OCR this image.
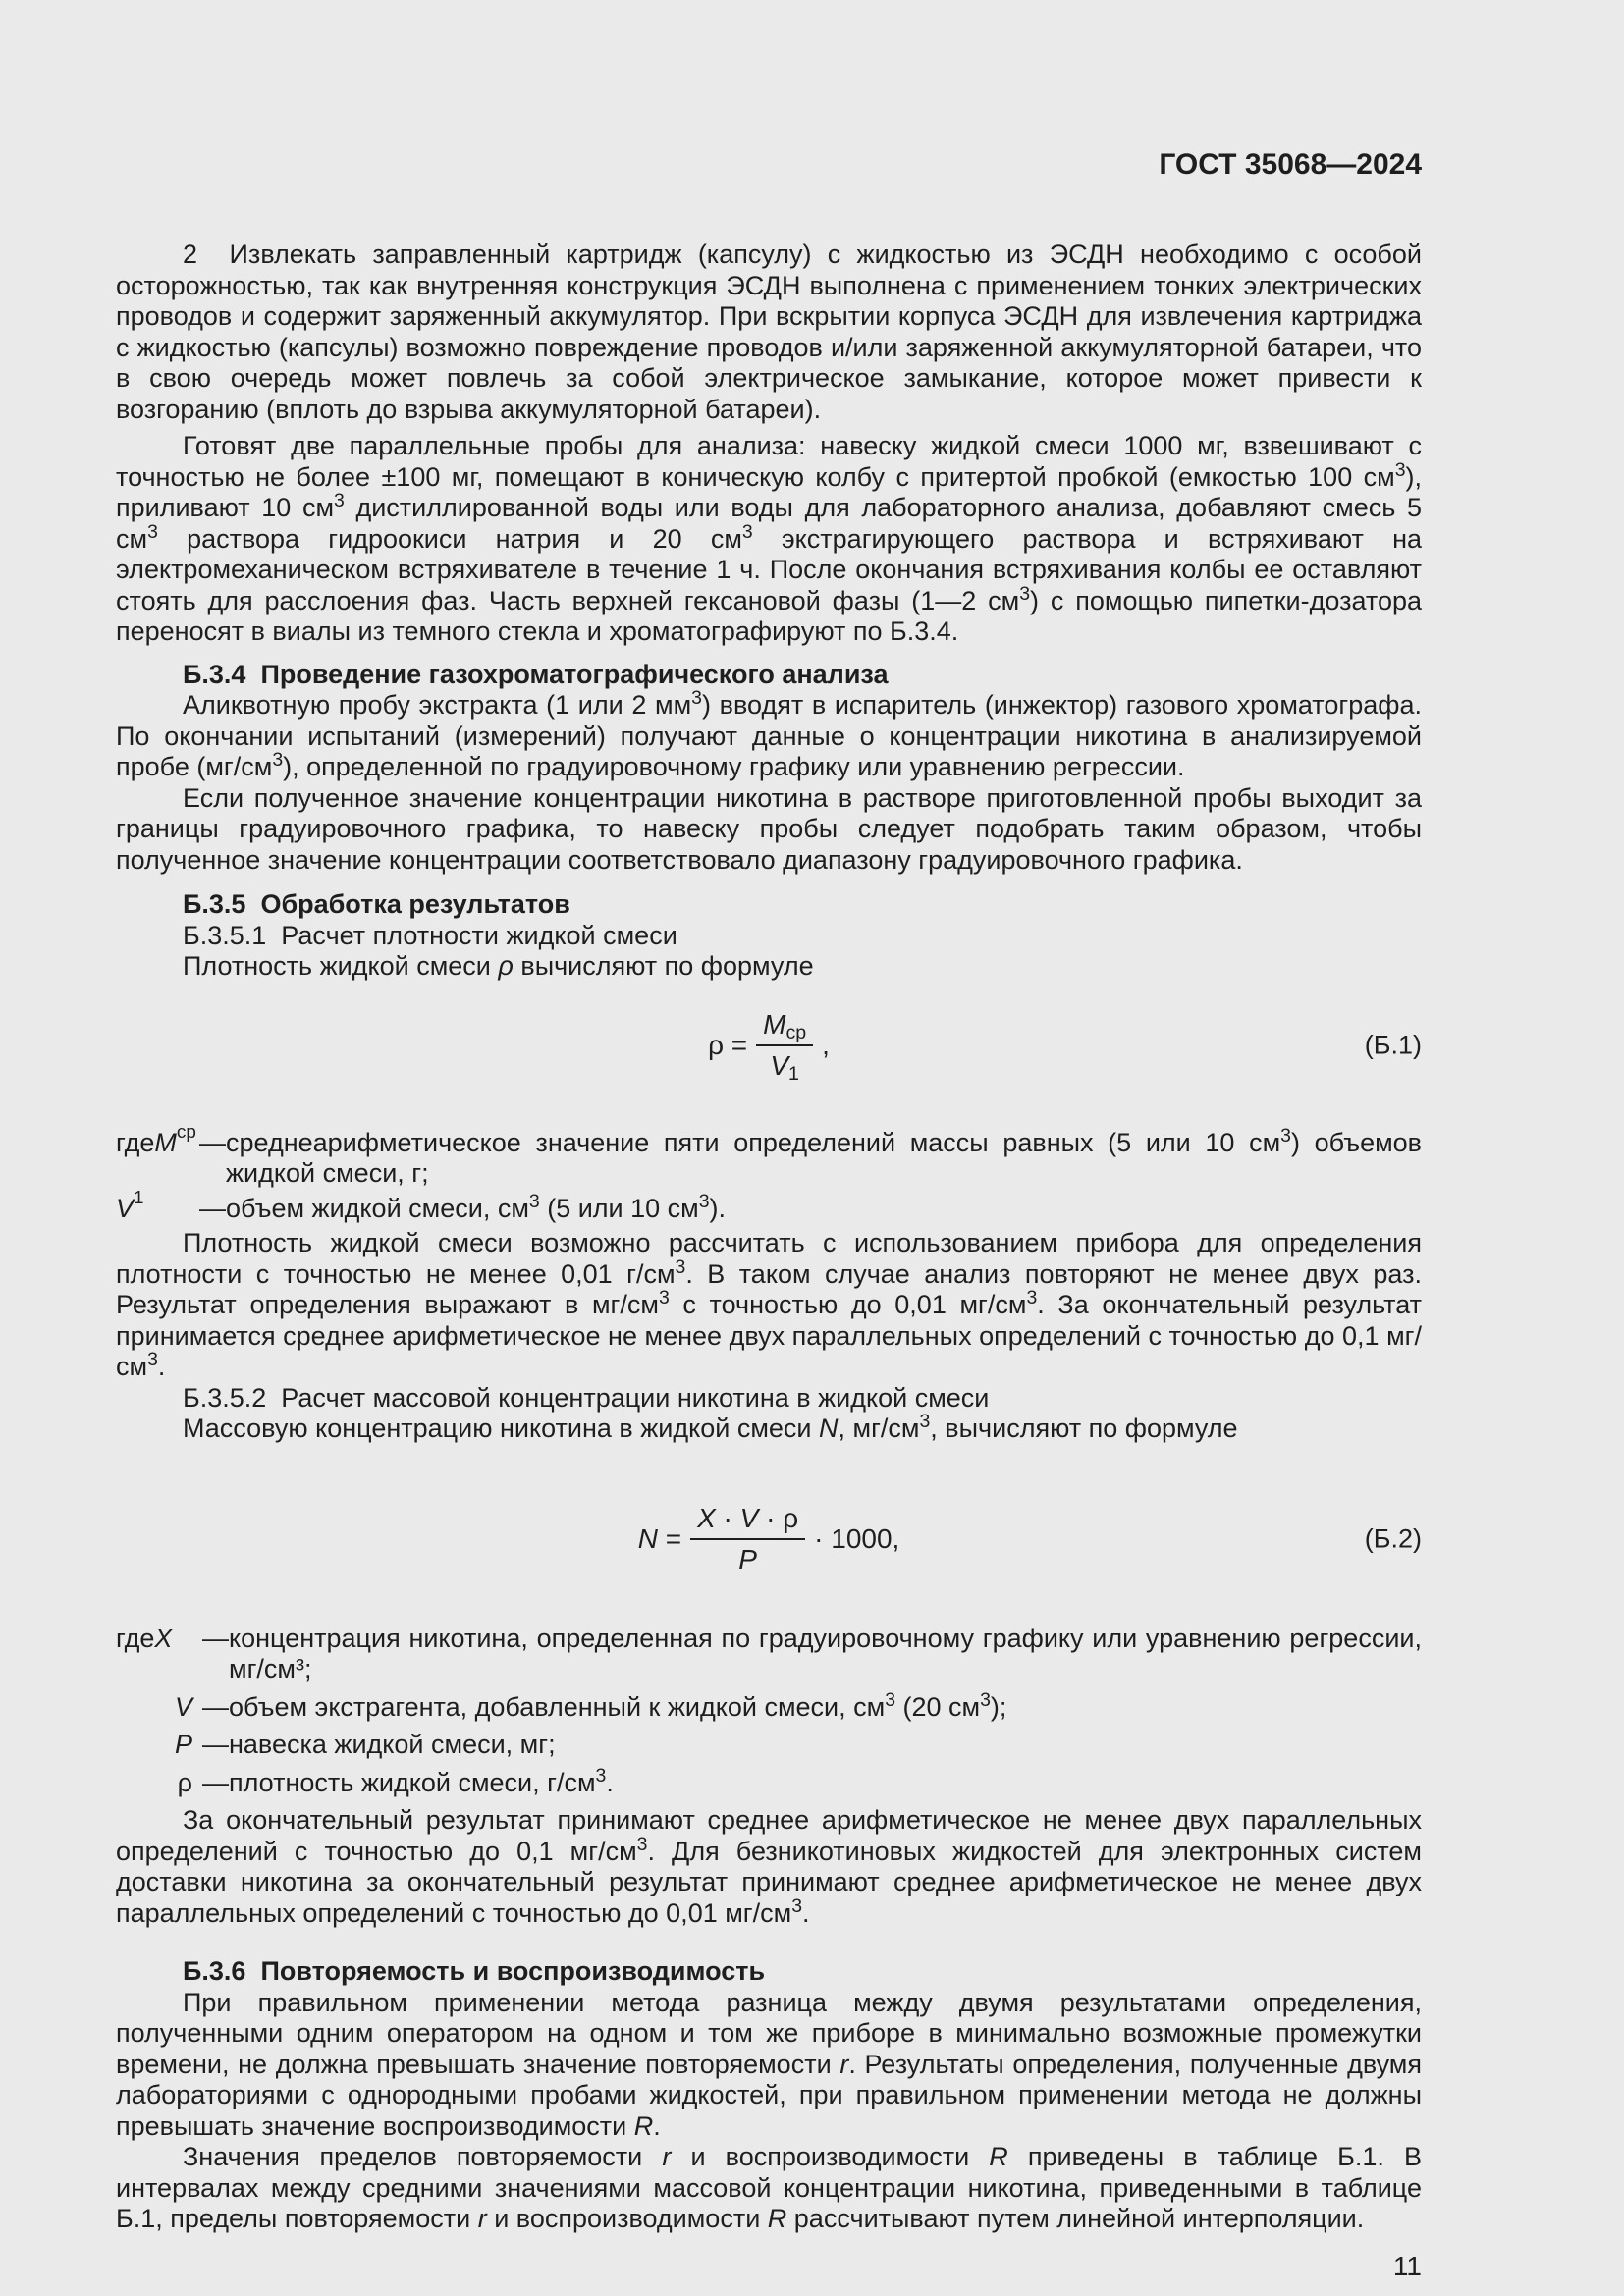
ГОСТ 35068—2024

2  Извлекать заправленный картридж (капсулу) с жидкостью из ЭСДН необходимо с особой осторожностью, так как внутренняя конструкция ЭСДН выполнена с применением тонких электрических проводов и содержит заряженный аккумулятор. При вскрытии корпуса ЭСДН для извлечения картриджа с жидкостью (капсулы) возможно повреждение проводов и/или заряженной аккумуляторной батареи, что в свою очередь может повлечь за собой электрическое замыкание, которое может привести к возгоранию (вплоть до взрыва аккумуляторной батареи).

Готовят две параллельные пробы для анализа: навеску жидкой смеси 1000 мг, взвешивают с точностью не более ±100 мг, помещают в коническую колбу с притертой пробкой (емкостью 100 $см^3$), приливают 10 $см^3$ дистиллированной воды или воды для лабораторного анализа, добавляют смесь 5 $см^3$ раствора гидроокиси натрия и 20 $см^3$ экстрагирующего раствора и встряхивают на электромеханическом встряхивателе в течение 1 ч. После окончания встряхивания колбы ее оставляют стоять для расслоения фаз. Часть верхней гексановой фазы (1—2 $см^3$) с помощью пипетки-дозатора переносят в виалы из темного стекла и хроматографируют по Б.3.4.

Б.3.4  Проведение газохроматографического анализа

Аликвотную пробу экстракта (1 или 2 $мм^3$) вводят в испаритель (инжектор) газового хроматографа. По окончании испытаний (измерений) получают данные о концентрации никотина в анализируемой пробе $(мг/см^3)$, определенной по градуировочному графику или уравнению регрессии.

Если полученное значение концентрации никотина в растворе приготовленной пробы выходит за границы градуировочного графика, то навеску пробы следует подобрать таким образом, чтобы полученное значение концентрации соответствовало диапазону градуировочного графика.

Б.3.5  Обработка результатов

Б.3.5.1  Расчет плотности жидкой смеси

Плотность жидкой смеси ρ вычисляют по формуле

$\rho = \frac{M_{ср}}{V_1}$ ,	(Б.1)
где $M_{ср}$ — среднеарифметическое значение пяти определений массы равных (5 или 10 $см^3$) объемов жидкой смеси, г;
$V_1$ — объем жидкой смеси, $см^3$ (5 или 10 $см^3$).

Плотность жидкой смеси возможно рассчитать с использованием прибора для определения плотности с точностью не менее 0,01 $г/см^3$. В таком случае анализ повторяют не менее двух раз. Результат определения выражают в $мг/см^3$ с точностью до 0,01 $мг/см^3$. За окончательный результат принимается среднее арифметическое не менее двух параллельных определений с точностью до 0,1 $мг/см^3$.

Б.3.5.2  Расчет массовой концентрации никотина в жидкой смеси

Массовую концентрацию никотина в жидкой смеси N, $мг/см^3$, вычисляют по формуле

$N = \frac{X \cdot V \cdot \rho}{P} \cdot 1000$,	(Б.2)
где X — концентрация никотина, определенная по градуировочному графику или уравнению регрессии, мг/см³;
V — объем экстрагента, добавленный к жидкой смеси, $см^3$ (20 $см^3$);
P — навеска жидкой смеси, мг;
ρ — плотность жидкой смеси, $г/см^3$.

За окончательный результат принимают среднее арифметическое не менее двух параллельных определений с точностью до 0,1 $мг/см^3$. Для безникотиновых жидкостей для электронных систем доставки никотина за окончательный результат принимают среднее арифметическое не менее двух параллельных определений с точностью до 0,01 $мг/см^3$.

Б.3.6  Повторяемость и воспроизводимость

При правильном применении метода разница между двумя результатами определения, полученными одним оператором на одном и том же приборе в минимально возможные промежутки времени, не должна превышать значение повторяемости r. Результаты определения, полученные двумя лабораториями с однородными пробами жидкостей, при правильном применении метода не должны превышать значение воспроизводимости R.

Значения пределов повторяемости r и воспроизводимости R приведены в таблице Б.1. В интервалах между средними значениями массовой концентрации никотина, приведенными в таблице Б.1, пределы повторяемости r и воспроизводимости R рассчитывают путем линейной интерполяции.

11
